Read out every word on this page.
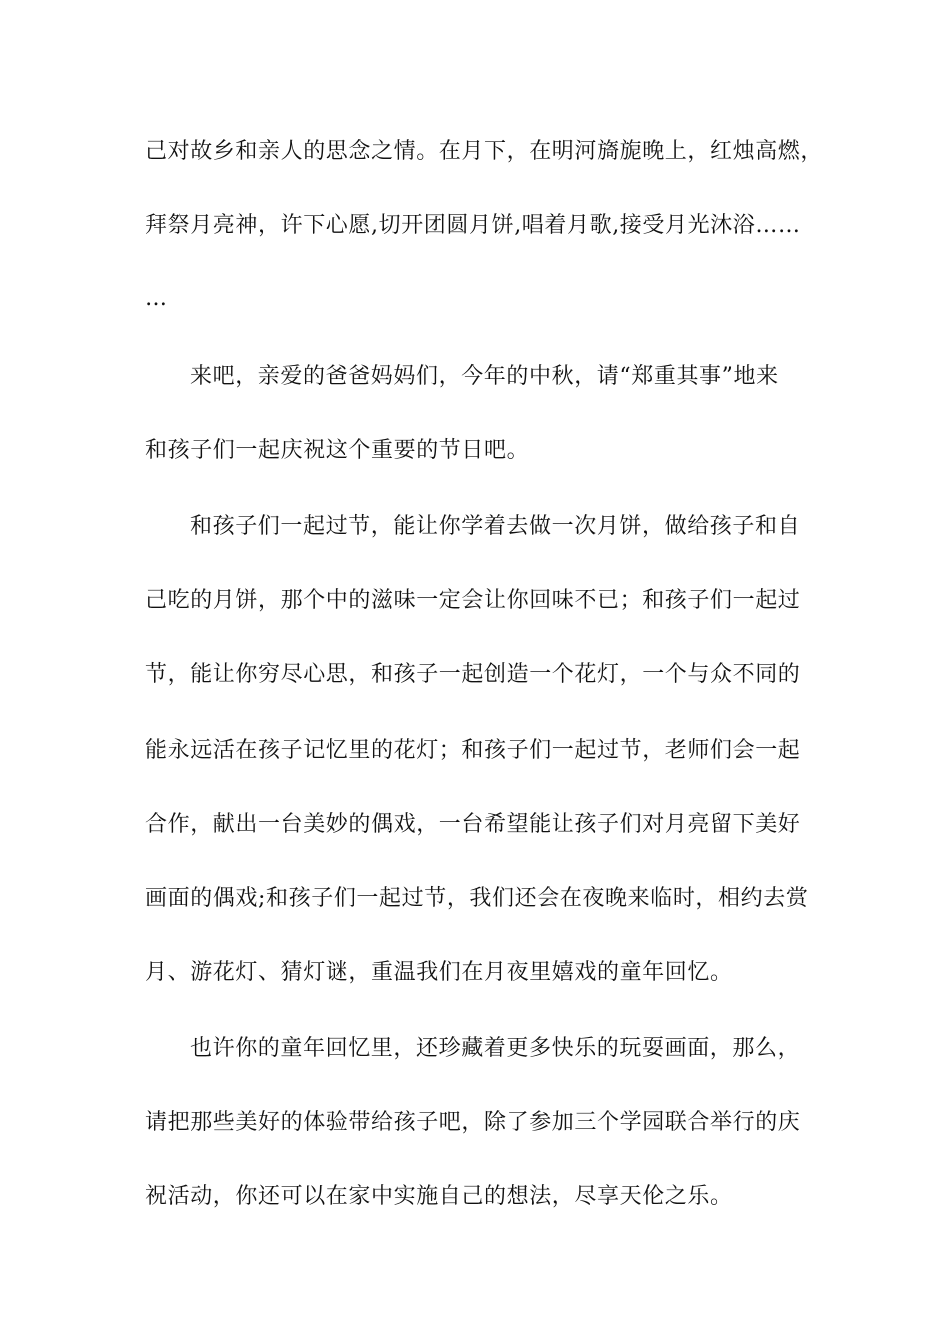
己对故乡和亲人的思念之情。在月下，在明河旖旎晚上，红烛高燃，
拜祭月亮神，许下心愿,切开团圆月饼,唱着月歌,接受月光沐浴……
…
来吧，亲爱的爸爸妈妈们，今年的中秋，请“郑重其事”地来
和孩子们一起庆祝这个重要的节日吧。
和孩子们一起过节，能让你学着去做一次月饼，做给孩子和自
己吃的月饼，那个中的滋味一定会让你回味不已；和孩子们一起过
节，能让你穷尽心思，和孩子一起创造一个花灯，一个与众不同的
能永远活在孩子记忆里的花灯；和孩子们一起过节，老师们会一起
合作，献出一台美妙的偶戏，一台希望能让孩子们对月亮留下美好
画面的偶戏;和孩子们一起过节，我们还会在夜晚来临时，相约去赏
月、游花灯、猜灯谜，重温我们在月夜里嬉戏的童年回忆。
也许你的童年回忆里，还珍藏着更多快乐的玩耍画面，那么，
请把那些美好的体验带给孩子吧，除了参加三个学园联合举行的庆
祝活动，你还可以在家中实施自己的想法，尽享天伦之乐。
